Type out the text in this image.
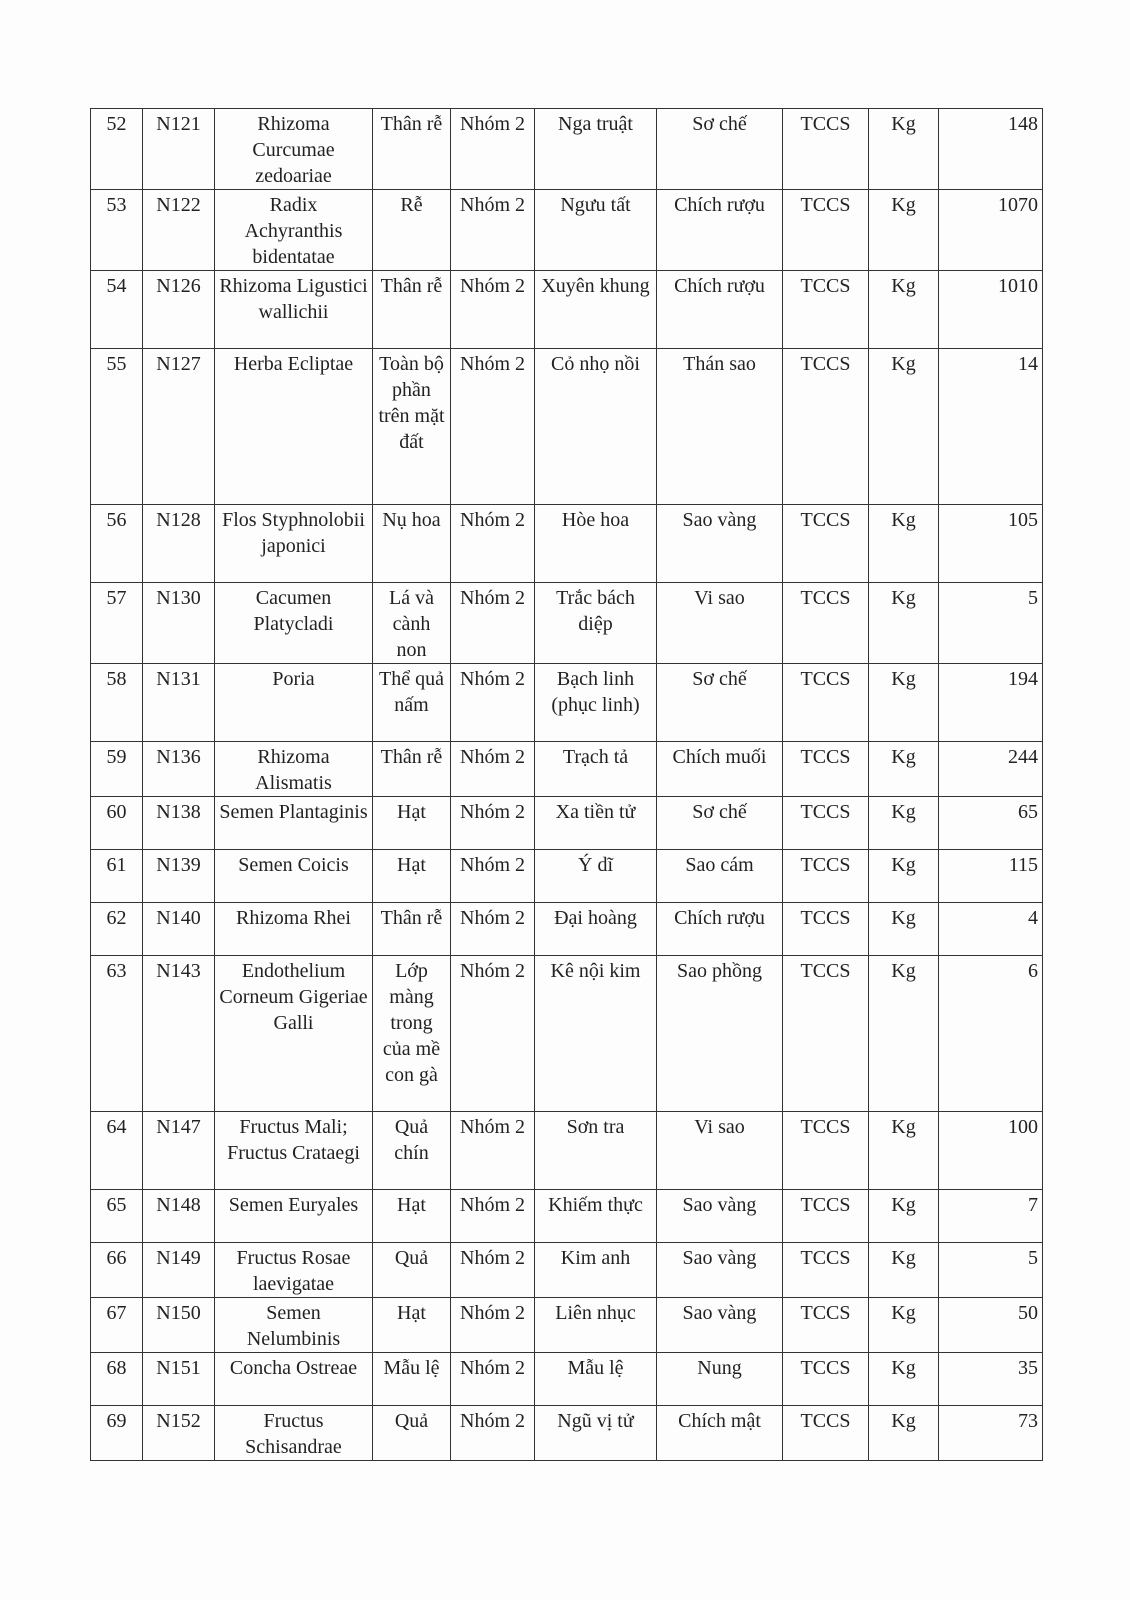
52	N121	Rhizoma Curcumae zedoariae	Thân rễ	Nhóm 2	Nga truật	Sơ chế	TCCS	Kg	148
53	N122	Radix Achyranthis bidentatae	Rễ	Nhóm 2	Ngưu tất	Chích rượu	TCCS	Kg	1070
54	N126	Rhizoma Ligustici wallichii	Thân rễ	Nhóm 2	Xuyên khung	Chích rượu	TCCS	Kg	1010
55	N127	Herba Ecliptae	Toàn bộ phần trên mặt đất	Nhóm 2	Cỏ nhọ nồi	Thán sao	TCCS	Kg	14
56	N128	Flos Styphnolobii japonici	Nụ hoa	Nhóm 2	Hòe hoa	Sao vàng	TCCS	Kg	105
57	N130	Cacumen Platycladi	Lá và cành non	Nhóm 2	Trắc bách diệp	Vi sao	TCCS	Kg	5
58	N131	Poria	Thể quả nấm	Nhóm 2	Bạch linh (phục linh)	Sơ chế	TCCS	Kg	194
59	N136	Rhizoma Alismatis	Thân rễ	Nhóm 2	Trạch tả	Chích muối	TCCS	Kg	244
60	N138	Semen Plantaginis	Hạt	Nhóm 2	Xa tiền tử	Sơ chế	TCCS	Kg	65
61	N139	Semen Coicis	Hạt	Nhóm 2	Ý dĩ	Sao cám	TCCS	Kg	115
62	N140	Rhizoma Rhei	Thân rễ	Nhóm 2	Đại hoàng	Chích rượu	TCCS	Kg	4
63	N143	Endothelium Corneum Gigeriae Galli	Lớp màng trong của mề con gà	Nhóm 2	Kê nội kim	Sao phồng	TCCS	Kg	6
64	N147	Fructus Mali; Fructus Crataegi	Quả chín	Nhóm 2	Sơn tra	Vi sao	TCCS	Kg	100
65	N148	Semen Euryales	Hạt	Nhóm 2	Khiếm thực	Sao vàng	TCCS	Kg	7
66	N149	Fructus Rosae laevigatae	Quả	Nhóm 2	Kim anh	Sao vàng	TCCS	Kg	5
67	N150	Semen Nelumbinis	Hạt	Nhóm 2	Liên nhục	Sao vàng	TCCS	Kg	50
68	N151	Concha Ostreae	Mẫu lệ	Nhóm 2	Mẫu lệ	Nung	TCCS	Kg	35
69	N152	Fructus Schisandrae	Quả	Nhóm 2	Ngũ vị tử	Chích mật	TCCS	Kg	73
